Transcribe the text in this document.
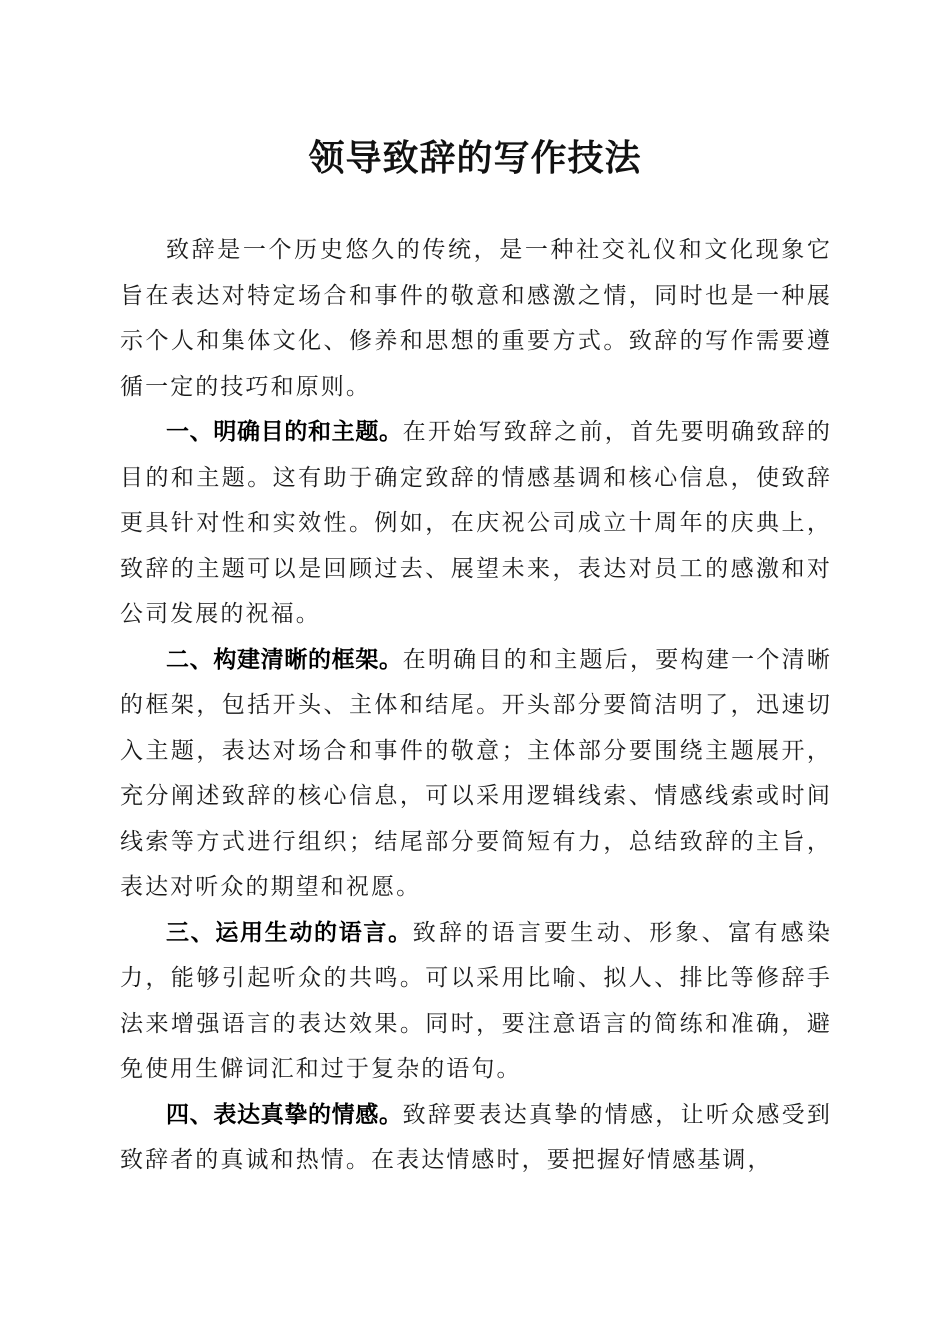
领导致辞的写作技法

致辞是一个历史悠久的传统，是一种社交礼仪和文化现象它旨在表达对特定场合和事件的敬意和感激之情，同时也是一种展示个人和集体文化、修养和思想的重要方式。致辞的写作需要遵循一定的技巧和原则。

一、明确目的和主题。在开始写致辞之前，首先要明确致辞的目的和主题。这有助于确定致辞的情感基调和核心信息，使致辞更具针对性和实效性。例如，在庆祝公司成立十周年的庆典上，致辞的主题可以是回顾过去、展望未来，表达对员工的感激和对公司发展的祝福。

二、构建清晰的框架。在明确目的和主题后，要构建一个清晰的框架，包括开头、主体和结尾。开头部分要简洁明了，迅速切入主题，表达对场合和事件的敬意；主体部分要围绕主题展开，充分阐述致辞的核心信息，可以采用逻辑线索、情感线索或时间线索等方式进行组织；结尾部分要简短有力，总结致辞的主旨，表达对听众的期望和祝愿。

三、运用生动的语言。致辞的语言要生动、形象、富有感染力，能够引起听众的共鸣。可以采用比喻、拟人、排比等修辞手法来增强语言的表达效果。同时，要注意语言的简练和准确，避免使用生僻词汇和过于复杂的语句。

四、表达真挚的情感。致辞要表达真挚的情感，让听众感受到致辞者的真诚和热情。在表达情感时，要把握好情感基调，
